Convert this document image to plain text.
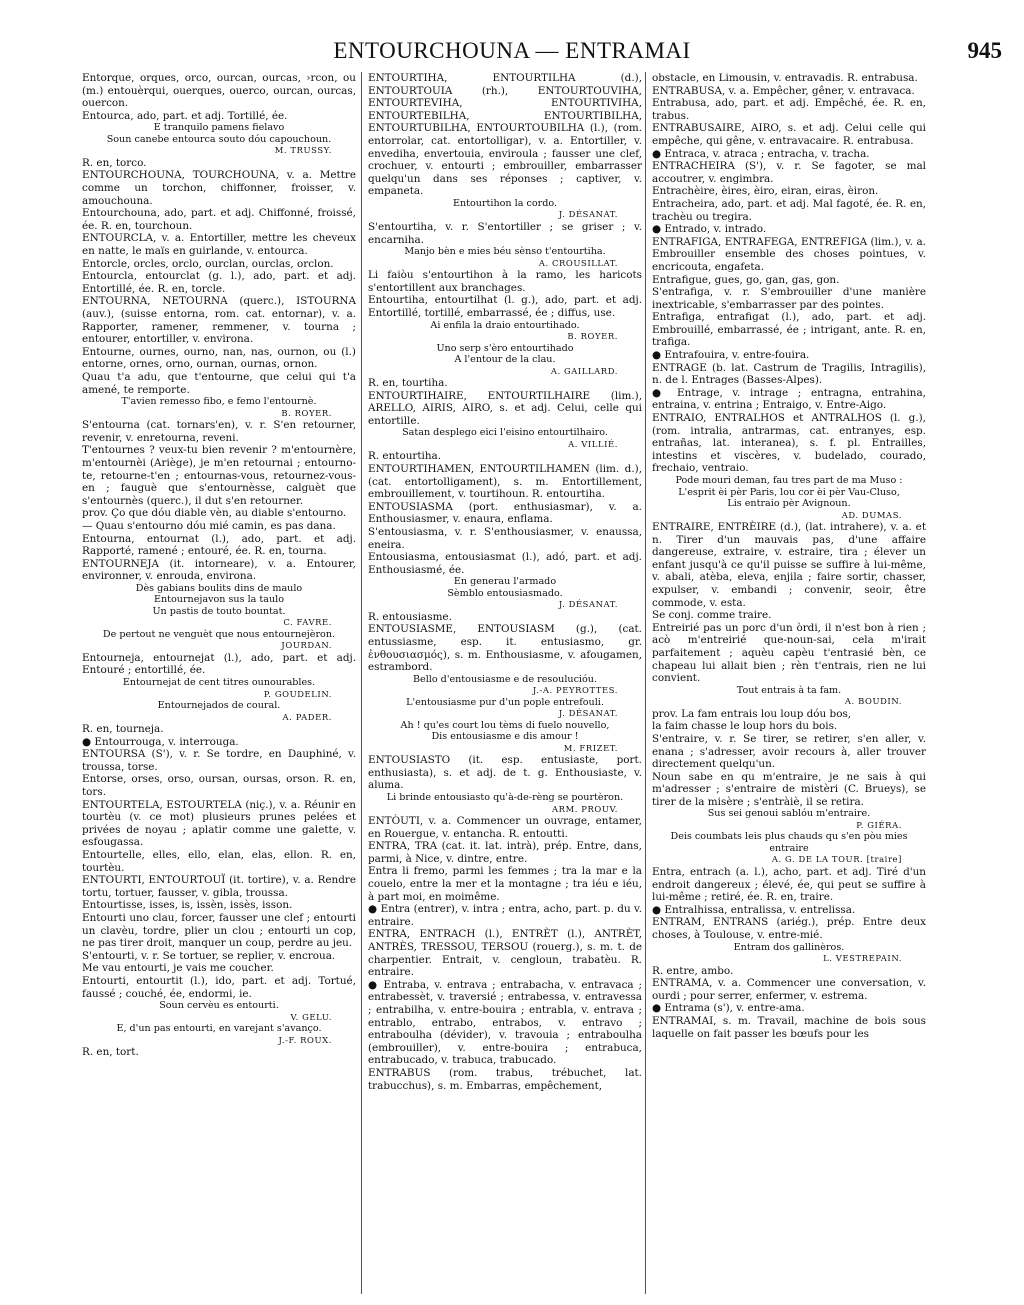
ENTOURCHOUNA — ENTRAMAI	945

Entorque, orques, orco, ourcan, ourcas, ›rcon, ou (m.) entouèrqui, ouerques, ouerco, ourcan, ourcas, ouercon.

Entourca, ado, part. et adj. Tortillé, ée.

E tranquilo pamens fielavo

Soun canebe entourca souto dóu capouchoun.

M. TRUSSY.

R. en, torco.

ENTOURCHOUNA, TOURCHOUNA, v. a. Mettre comme un torchon, chiffonner, froisser, v. amouchouna.

Entourchouna, ado, part. et adj. Chiffonné, froissé, ée. R. en, tourchoun.

ENTOURCLA, v. a. Entortiller, mettre les cheveux en natte, le maïs en guirlande, v. entourca.

Entorcle, orcles, orclo, ourclan, ourclas, orclon.

Entourcla, entourclat (g. l.), ado, part. et adj. Entortillé, ée. R. en, torcle.

ENTOURNA, NETOURNA (querc.), ISTOURNA (auv.), (suisse entorna, rom. cat. entornar), v. a. Rapporter, ramener, remmener, v. tourna ; entourer, entortiller, v. environa.

Entourne, ournes, ourno, nan, nas, ournon, ou (l.) entorne, ornes, orno, ournan, ournas, ornon.

Quau t'a adu, que t'entourne, que celui qui t'a amené, te remporte.

T'avien remesso fibo, e femo l'entournè.

B. ROYER.

S'entourna (cat. tornars'en), v. r. S'en retourner, revenir, v. enretourna, reveni.

T'entournes ? veux-tu bien revenir ? m'entournère, m'entournèi (Ariège), je m'en retournai ; entourno-te, retourne-t'en ; entournas-vous, retournez-vous-en ; fauguè que s'entournèsse, calguèt que s'entournès (querc.), il dut s'en retourner.

prov. Ço que dóu diable vèn, au diable s'entourno.

— Quau s'entourno dóu mié camin, es pas dana.

Entourna, entournat (l.), ado, part. et adj. Rapporté, ramené ; entouré, ée. R. en, tourna.

ENTOURNEJA (it. intorneare), v. a. Entourer, environner, v. enrouda, environa.

Dès gabians boulits dins de maulo

Entournejavon sus la taulo

Un pastis de touto bountat.

C. FAVRE.

De pertout ne venguèt que nous entournejèron.

JOURDAN.

Entourneja, entournejat (l.), ado, part. et adj. Entouré ; entortillé, ée.

Entournejat de cent titres ounourables.

P. GOUDELIN.

Entournejados de coural.

A. PADER.

R. en, tourneja.

● Entourrouga, v. interrouga.

ENTOURSA (S'), v. r. Se tordre, en Dauphiné, v. troussa, torse.

Entorse, orses, orso, oursan, oursas, orson. R. en, tors.

ENTOURTELA, ESTOURTELA (niç.), v. a. Réunir en tourtèu (v. ce mot) plusieurs prunes pelées et privées de noyau ; aplatir comme une galette, v. esfougassa.

Entourtelle, elles, ello, elan, elas, ellon. R. en, tourtèu.

ENTOURTI, ENTOURTOUÏ (it. tortire), v. a. Rendre tortu, tortuer, fausser, v. gibla, troussa.

Entourtisse, isses, is, issèn, issès, isson.

Entourti uno clau, forcer, fausser une clef ; entourti un clavèu, tordre, plier un clou ; entourti un cop, ne pas tirer droit, manquer un coup, perdre au jeu.

S'entourti, v. r. Se tortuer, se replier, v. encroua.

Me vau entourti, je vais me coucher.

Entourti, entourtit (l.), ido, part. et adj. Tortué, faussé ; couché, ée, endormi, ie.

Soun cervèu es entourti.

V. GELU.

E, d'un pas entourti, en varejant s'avanço.

J.-F. ROUX.

R. en, tort.

ENTOURTIHA, ENTOURTILHA (d.), ENTOURTOUIA (rh.), ENTOURTOUVIHA, ENTOURTEVIHA, ENTOURTIVIHA, ENTOURTEBILHA, ENTOURTIBILHA, ENTOURTUBILHA, ENTOURTOUBILHA (l.), (rom. entorrolar, cat. entortolligar), v. a. Entortiller, v. envediha, envertouia, enviroula ; fausser une clef, crochuer, v. entourti ; embrouiller, embarrasser quelqu'un dans ses réponses ; captiver, v. empaneta.

Entourtihon la cordo.

J. DÉSANAT.

S'entourtiha, v. r. S'entortiller ; se griser ; v. encarniha.

Manjo bèn e mies béu sènso t'entourtiha.

A. CROUSILLAT.

Li faiòu s'entourtihon à la ramo, les haricots s'entortillent aux branchages.

Entourtiha, entourtilhat (l. g.), ado, part. et adj. Entortillé, tortillé, embarrassé, ée ; diffus, use.

Ai enfila la draio entourtihado.

B. ROYER.

Uno serp s'èro entourtihado

A l'entour de la clau.

A. GAILLARD.

R. en, tourtiha.

ENTOURTIHAIRE, ENTOURTILHAIRE (lim.), ARELLO, AIRIS, AIRO, s. et adj. Celui, celle qui entortille.

Satan desplego eici l'eisino entourtilhairo.

A. VILLIÉ.

R. entourtiha.

ENTOURTIHAMEN, ENTOURTILHAMEN (lim. d.), (cat. entortolligament), s. m. Entortillement, embrouillement, v. tourtihoun. R. entourtiha.

ENTOUSIASMA (port. enthusiasmar), v. a. Enthousiasmer, v. enaura, enflama.

S'entousiasma, v. r. S'enthousiasmer, v. enaussa, eneira.

Entousiasma, entousiasmat (l.), adó, part. et adj. Enthousiasmé, ée.

En generau l'armado

Sèmblo entousiasmado.

J. DÉSANAT.

R. entousiasme.

ENTOUSIASME, ENTOUSIASM (g.), (cat. entussiasme, esp. it. entusiasmo, gr. ἐνθουσιασμός), s. m. Enthousiasme, v. afougamen, estrambord.

Bello d'entousiasme e de resoulucióu.

J.-A. PEYROTTES.

L'entousiasme pur d'un pople entrefouli.

J. DÉSANAT.

Ah ! qu'es court lou tèms di fuelo nouvello,

Dis entousiasme e dis amour !

M. FRIZET.

ENTOUSIASTO (it. esp. entusiaste, port. enthusiasta), s. et adj. de t. g. Enthousiaste, v. aluma.

Li brinde entousiasto qu'à-de-rèng se pourtèron.

ARM. PROUV.

ENTÒUTI, v. a. Commencer un ouvrage, entamer, en Rouergue, v. entancha. R. entoutti.

ENTRA, TRA (cat. it. lat. intrà), prép. Entre, dans, parmi, à Nice, v. dintre, entre.

Entra li fremo, parmi les femmes ; tra la mar e la couelo, entre la mer et la montagne ; tra iéu e iéu, à part moi, en moimême.

● Entra (entrer), v. intra ; entra, acho, part. p. du v. entraire.

ENTRA, ENTRACH (l.), ENTRÈT (l.), ANTRÈT, ANTRÈS, TRESSOU, TERSOU (rouerg.), s. m. t. de charpentier. Entrait, v. cengloun, trabatèu. R. entraire.

● Entraba, v. entrava ; entrabacha, v. entravaca ; entrabessèt, v. traversié ; entrabessa, v. entravessa ; entrabilha, v. entre-bouira ; entrabla, v. entrava ; entrablo, entrabo, entrabos, v. entravo ; entraboulha (dévider), v. travouia ; entraboulha (embrouiller), v. entre-bouira ; entrabuca, entrabucado, v. trabuca, trabucado.

ENTRABUS (rom. trabus, trébuchet, lat. trabucchus), s. m. Embarras, empêchement,

obstacle, en Limousin, v. entravadis. R. entrabusa.

ENTRABUSA, v. a. Empêcher, gêner, v. entravaca.

Entrabusa, ado, part. et adj. Empêché, ée. R. en, trabus.

ENTRABUSAIRE, AIRO, s. et adj. Celui celle qui empêche, qui gêne, v. entravacaire. R. entrabusa.

● Entraca, v. atraca ; entracha, v. tracha.

ENTRACHEIRA (S'), v. r. Se fagoter, se mal accoutrer, v. engimbra.

Entrachèire, èires, èiro, eiran, eiras, èiron.

Entracheira, ado, part. et adj. Mal fagoté, ée. R. en, trachèu ou tregira.

● Entrado, v. intrado.

ENTRAFIGA, ENTRAFEGA, ENTREFIGA (lim.), v. a. Embrouiller ensemble des choses pointues, v. encricouta, engafeta.

Entrafigue, gues, go, gan, gas, gon.

S'entrafiga, v. r. S'embrouiller d'une manière inextricable, s'embarrasser par des pointes.

Entrafiga, entrafigat (l.), ado, part. et adj. Embrouillé, embarrassé, ée ; intrigant, ante. R. en, trafiga.

● Entrafouira, v. entre-fouira.

ENTRAGE (b. lat. Castrum de Tragilis, Intragilis), n. de l. Entrages (Basses-Alpes).

● Entrage, v. intrage ; entragna, entrahina, entraina, v. entrina ; Entraigo, v. Entre-Aigo.

ENTRAIO, ENTRALHOS et ANTRALHOS (l. g.), (rom. intralia, antrarmas, cat. entranyes, esp. entrañas, lat. interanea), s. f. pl. Entrailles, intestins et viscères, v. budelado, courado, frechaio, ventraio.

Pode mouri deman, fau tres part de ma Muso :

L'esprit èi pèr Paris, lou cor èi pèr Vau-Cluso,

Lis entraio pèr Avignoun.

AD. DUMAS.

ENTRAIRE, ENTRÈIRE (d.), (lat. intrahere), v. a. et n. Tirer d'un mauvais pas, d'une affaire dangereuse, extraire, v. estraire, tira ; élever un enfant jusqu'à ce qu'il puisse se suffire à lui-même, v. abali, atèba, eleva, enjila ; faire sortir, chasser, expulser, v. embandi ; convenir, seoir, être commode, v. esta.

Se conj. comme traire.

Entreirié pas un porc d'un òrdi, il n'est bon à rien ; acò m'entreirié que-noun-sai, cela m'irait parfaitement ; aquèu capèu t'entrasié bèn, ce chapeau lui allait bien ; rèn t'entrais, rien ne lui convient.

Tout entrais à ta fam.

A. BOUDIN.

prov. La fam entrais lou loup dóu bos,

la faim chasse le loup hors du bois.

S'entraire, v. r. Se tirer, se retirer, s'en aller, v. enana ; s'adresser, avoir recours à, aller trouver directement quelqu'un.

Noun sabe en qu m'entraire, je ne sais à qui m'adresser ; s'entraire de mistèri (C. Brueys), se tirer de la misère ; s'entràiè, il se retira.

Sus sei genoui sablóu m'entraire.

P. GIÉRA.

Deis coumbats leis plus chauds qu s'en pòu mies entraire

A. G. DE LA TOUR. [traire]

Entra, entrach (a. l.), acho, part. et adj. Tiré d'un endroit dangereux ; élevé, ée, qui peut se suffire à lui-même ; retiré, ée. R. en, traire.

● Entralhissa, entralissa, v. entrelissa.

ENTRAM, ENTRANS (ariég.), prép. Entre deux choses, à Toulouse, v. entre-mié.

Entram dos gallinèros.

L. VESTREPAIN.

R. entre, ambo.

ENTRAMA, v. a. Commencer une conversation, v. ourdi ; pour serrer, enfermer, v. estrema.

● Entrama (s'), v. entre-ama.

ENTRAMAI, s. m. Travail, machine de bois sous laquelle on fait passer les bœufs pour les
